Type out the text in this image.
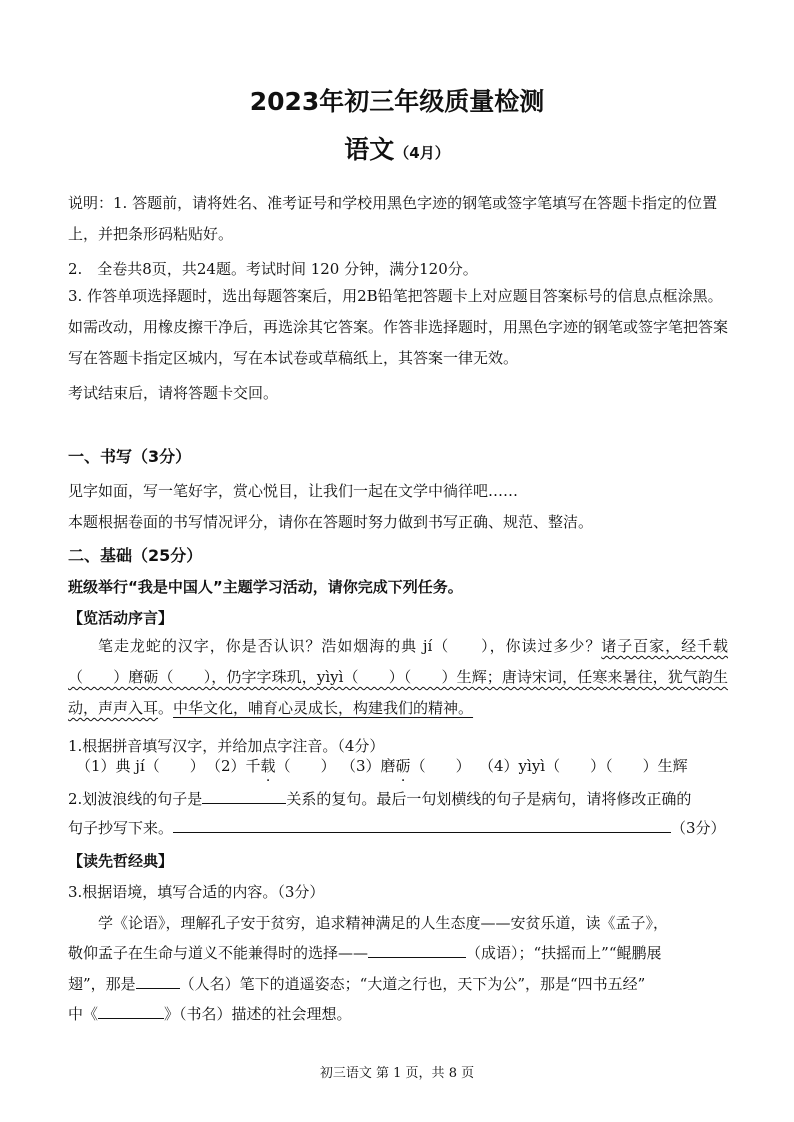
2023年初三年级质量检测
语文（4月）
说明：1. 答题前，请将姓名、准考证号和学校用黑色字迹的钢笔或签字笔填写在答题卡指定的位置上，并把条形码粘贴好。
2.　全卷共8页，共24题。考试时间 120 分钟，满分120分。
3. 作答单项选择题时，选出每题答案后，用2B铅笔把答题卡上对应题目答案标号的信息点框涂黑。如需改动，用橡皮擦干净后，再选涂其它答案。作答非选择题时，用黑色字迹的钢笔或签字笔把答案写在答题卡指定区城内，写在本试卷或草稿纸上，其答案一律无效。
考试结束后，请将答题卡交回。
一、书写（3分）
见字如面，写一笔好字，赏心悦目，让我们一起在文学中徜徉吧……
本题根据卷面的书写情况评分，请你在答题时努力做到书写正确、规范、整洁。
二、基础（25分）
班级举行“我是中国人”主题学习活动，请你完成下列任务。
【览活动序言】
笔走龙蛇的汉字，你是否认识？浩如烟海的典 jí（　　），你读过多少？诸子百家，经千载（　　）磨砺（　　），仍字字珠玑，yìyì（　　）（　　）生辉；唐诗宋词，任寒来暑往，犹气韵生动，声声入耳。中华文化，哺育心灵成长，构建我们的精神。
1.根据拼音填写汉字，并给加点字注音。（4分）
（1）典 jí（　　） （2）千载（　　） （3）磨砺（　　） （4）yìyì（　　）（　　）生辉
2.划波浪线的句子是	关系的复句。最后一句划横线的句子是病句，请将修改正确的
句子抄写下来。	（3分）
【读先哲经典】
3.根据语境，填写合适的内容。（3分）
学《论语》，理解孔子安于贫穷，追求精神满足的人生态度——安贫乐道，读《孟子》，
敬仰孟子在生命与道义不能兼得时的选择——	（成语）；“扶摇而上”“鲲鹏展
翅”，那是	（人名）笔下的逍遥姿态；“大道之行也，天下为公”，那是“四书五经”
中《	》（书名）描述的社会理想。
初三语文 第 1 页，共 8 页
